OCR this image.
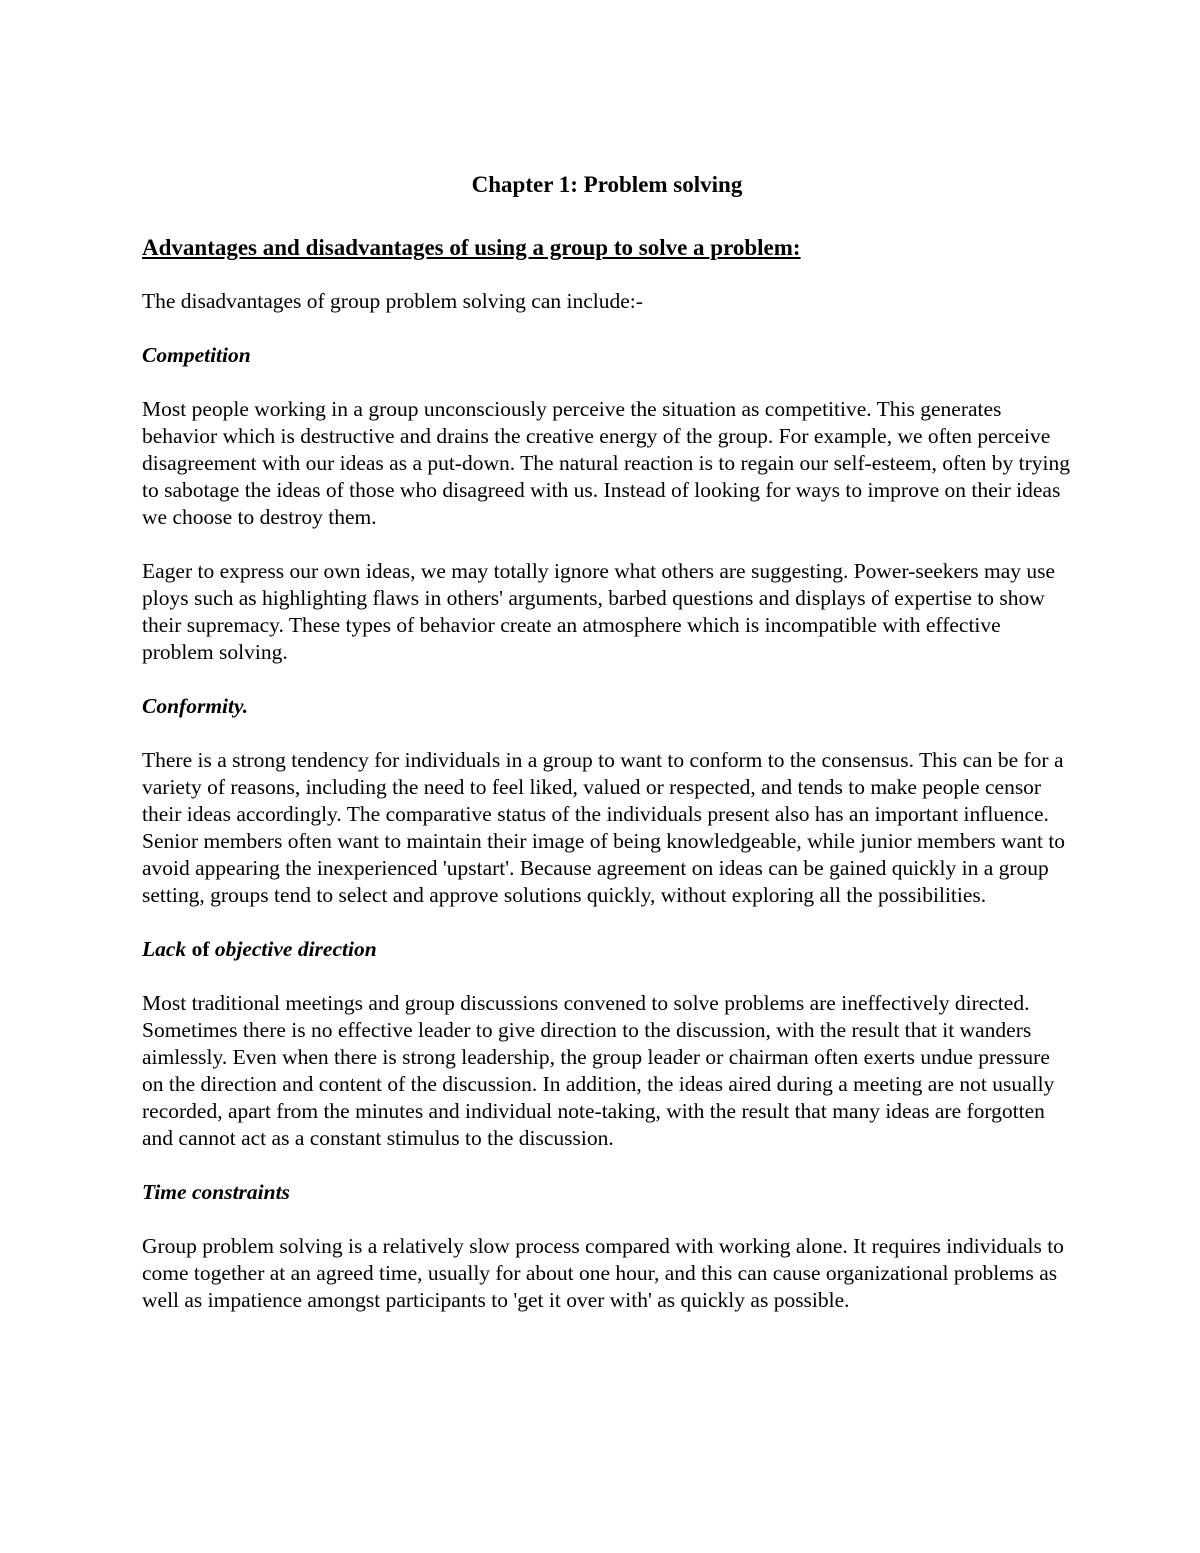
Chapter 1: Problem solving
Advantages and disadvantages of using a group to solve a problem:

The disadvantages of group problem solving can include:-

Competition

Most people working in a group unconsciously perceive the situation as competitive. This generates behavior which is destructive and drains the creative energy of the group. For example, we often perceive disagreement with our ideas as a put-down. The natural reaction is to regain our self-esteem, often by trying to sabotage the ideas of those who disagreed with us. Instead of looking for ways to improve on their ideas we choose to destroy them.

Eager to express our own ideas, we may totally ignore what others are suggesting. Power-seekers may use ploys such as highlighting flaws in others' arguments, barbed questions and displays of expertise to show their supremacy. These types of behavior create an atmosphere which is incompatible with effective problem solving.

Conformity.

There is a strong tendency for individuals in a group to want to conform to the consensus. This can be for a variety of reasons, including the need to feel liked, valued or respected, and tends to make people censor their ideas accordingly. The comparative status of the individuals present also has an important influence. Senior members often want to maintain their image of being knowledgeable, while junior members want to avoid appearing the inexperienced 'upstart'. Because agreement on ideas can be gained quickly in a group setting, groups tend to select and approve solutions quickly, without exploring all the possibilities.

Lack of objective direction

Most traditional meetings and group discussions convened to solve problems are ineffectively directed. Sometimes there is no effective leader to give direction to the discussion, with the result that it wanders aimlessly. Even when there is strong leadership, the group leader or chairman often exerts undue pressure on the direction and content of the discussion. In addition, the ideas aired during a meeting are not usually recorded, apart from the minutes and individual note-taking, with the result that many ideas are forgotten and cannot act as a constant stimulus to the discussion.

Time constraints

Group problem solving is a relatively slow process compared with working alone. It requires individuals to come together at an agreed time, usually for about one hour, and this can cause organizational problems as well as impatience amongst participants to 'get it over with' as quickly as possible.
